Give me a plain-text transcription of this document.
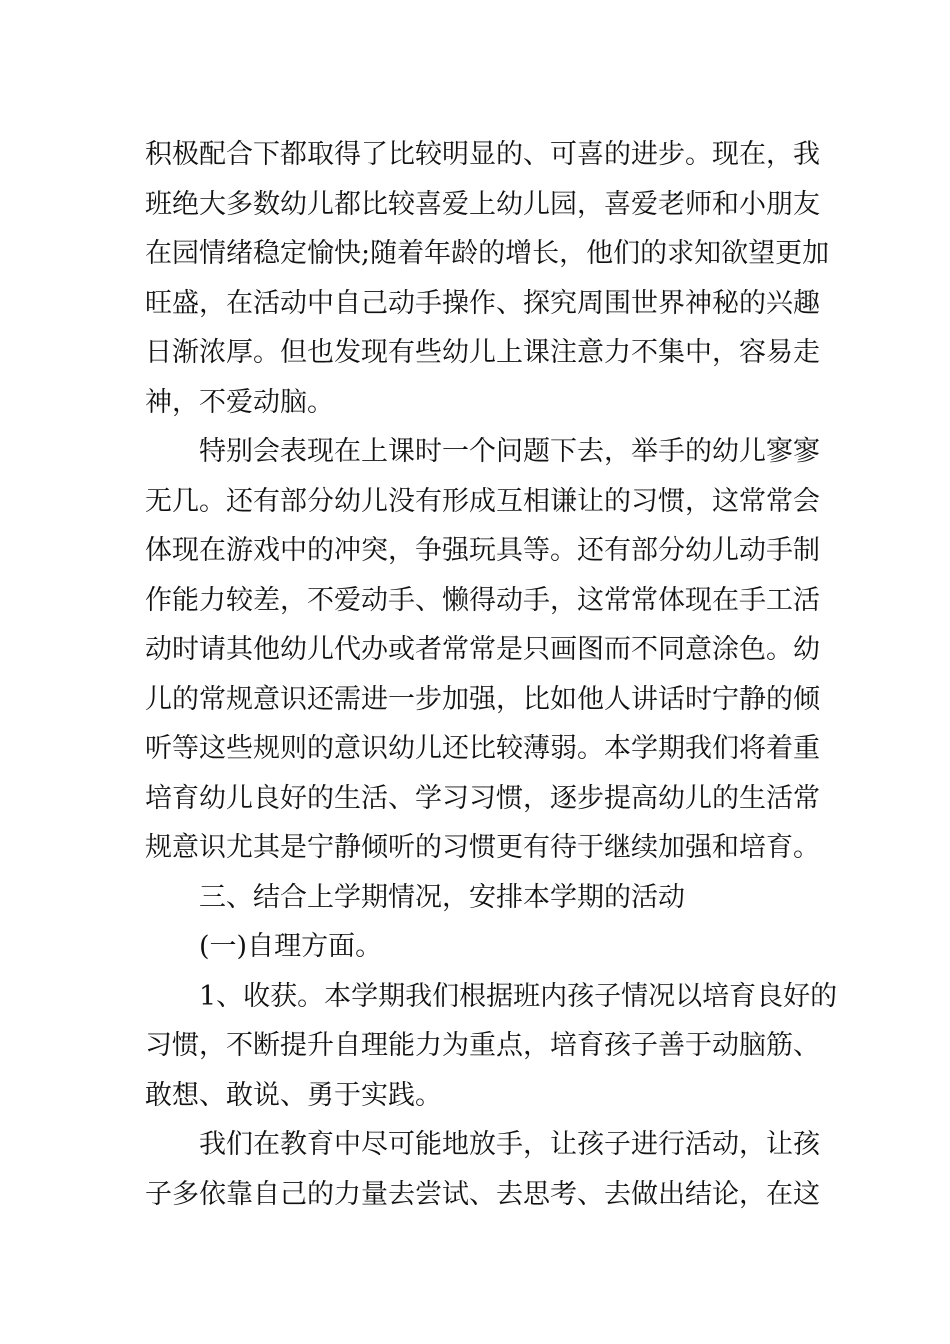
积极配合下都取得了比较明显的、可喜的进步。现在，我
班绝大多数幼儿都比较喜爱上幼儿园，喜爱老师和小朋友
在园情绪稳定愉快;随着年龄的增长，他们的求知欲望更加
旺盛，在活动中自己动手操作、探究周围世界神秘的兴趣
日渐浓厚。但也发现有些幼儿上课注意力不集中，容易走
神，不爱动脑。
特别会表现在上课时一个问题下去，举手的幼儿寥寥
无几。还有部分幼儿没有形成互相谦让的习惯，这常常会
体现在游戏中的冲突，争强玩具等。还有部分幼儿动手制
作能力较差，不爱动手、懒得动手，这常常体现在手工活
动时请其他幼儿代办或者常常是只画图而不同意涂色。幼
儿的常规意识还需进一步加强，比如他人讲话时宁静的倾
听等这些规则的意识幼儿还比较薄弱。本学期我们将着重
培育幼儿良好的生活、学习习惯，逐步提高幼儿的生活常
规意识尤其是宁静倾听的习惯更有待于继续加强和培育。
三、结合上学期情况，安排本学期的活动
(一)自理方面。
1、收获。本学期我们根据班内孩子情况以培育良好的
习惯，不断提升自理能力为重点，培育孩子善于动脑筋、
敢想、敢说、勇于实践。
我们在教育中尽可能地放手，让孩子进行活动，让孩
子多依靠自己的力量去尝试、去思考、去做出结论，在这
